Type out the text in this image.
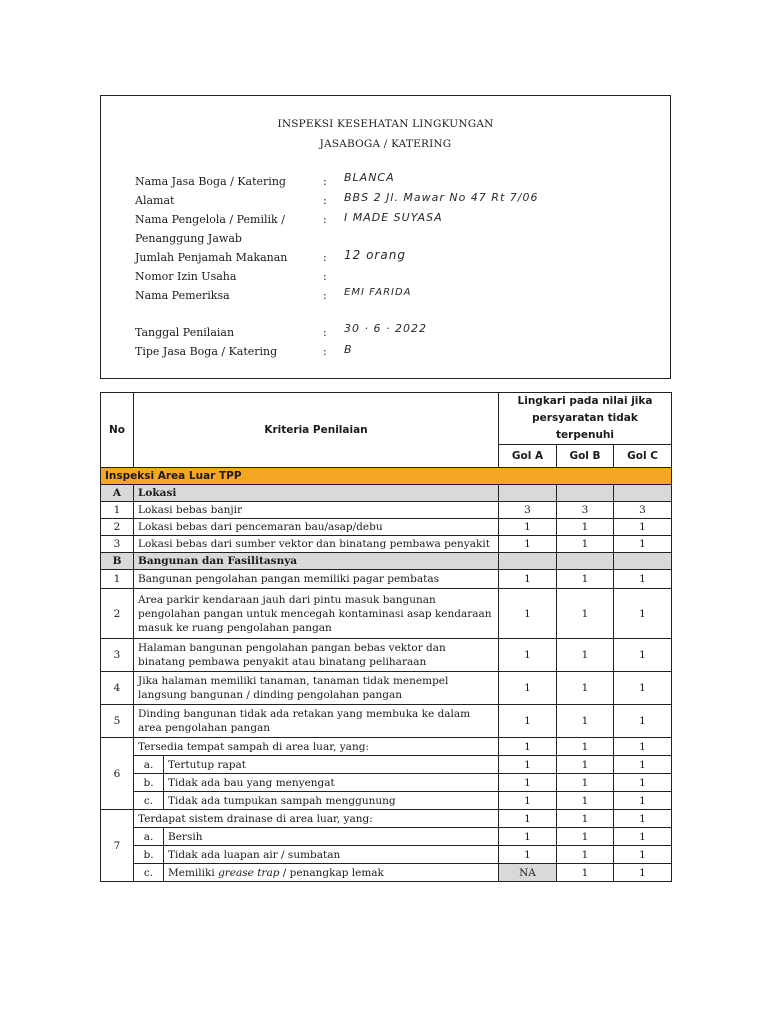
INSPEKSI KESEHATAN LINGKUNGAN
JASABOGA / KATERING
Nama Jasa Boga / Katering	: BLANCA
Alamat	: BBS 2 Jl. Mawar No 47 Rt 7/06
Nama Pengelola / Pemilik /	: I MADE SUYASA
Penanggung Jawab
Jumlah Penjamah Makanan	: 12 orang
Nomor Izin Usaha	:
Nama Pemeriksa	: EMI FARIDA
Tanggal Penilaian	: 30 · 6 · 2022
Tipe Jasa Boga / Katering	: B
No	Kriteria Penilaian		Lingkari pada nilai jika persyaratan tidak terpenuhi		
			Gol A	Gol B	Gol C
Inspeksi Area Luar TPP					
A	Lokasi				
1	Lokasi bebas banjir		3	3	3
2	Lokasi bebas dari pencemaran bau/asap/debu		1	1	1
3	Lokasi bebas dari sumber vektor dan binatang pembawa penyakit		1	1	1
B	Bangunan dan Fasilitasnya				
1	Bangunan pengolahan pangan memiliki pagar pembatas		1	1	1
2	Area parkir kendaraan jauh dari pintu masuk bangunan pengolahan pangan untuk mencegah kontaminasi asap kendaraan masuk ke ruang pengolahan pangan		1	1	1
3	Halaman bangunan pengolahan pangan bebas vektor dan binatang pembawa penyakit atau binatang peliharaan		1	1	1
4	Jika halaman memiliki tanaman, tanaman tidak menempel langsung bangunan / dinding pengolahan pangan		1	1	1
5	Dinding bangunan tidak ada retakan yang membuka ke dalam area pengolahan pangan		1	1	1
6	Tersedia tempat sampah di area luar, yang:		1	1	1
	a.	Tertutup rapat	1	1	1
	b.	Tidak ada bau yang menyengat	1	1	1
	c.	Tidak ada tumpukan sampah menggunung	1	1	1
7	Terdapat sistem drainase di area luar, yang:		1	1	1
	a.	Bersih	1	1	1
	b.	Tidak ada luapan air / sumbatan	1	1	1
	c.	Memiliki grease trap / penangkap lemak	NA	1	1
